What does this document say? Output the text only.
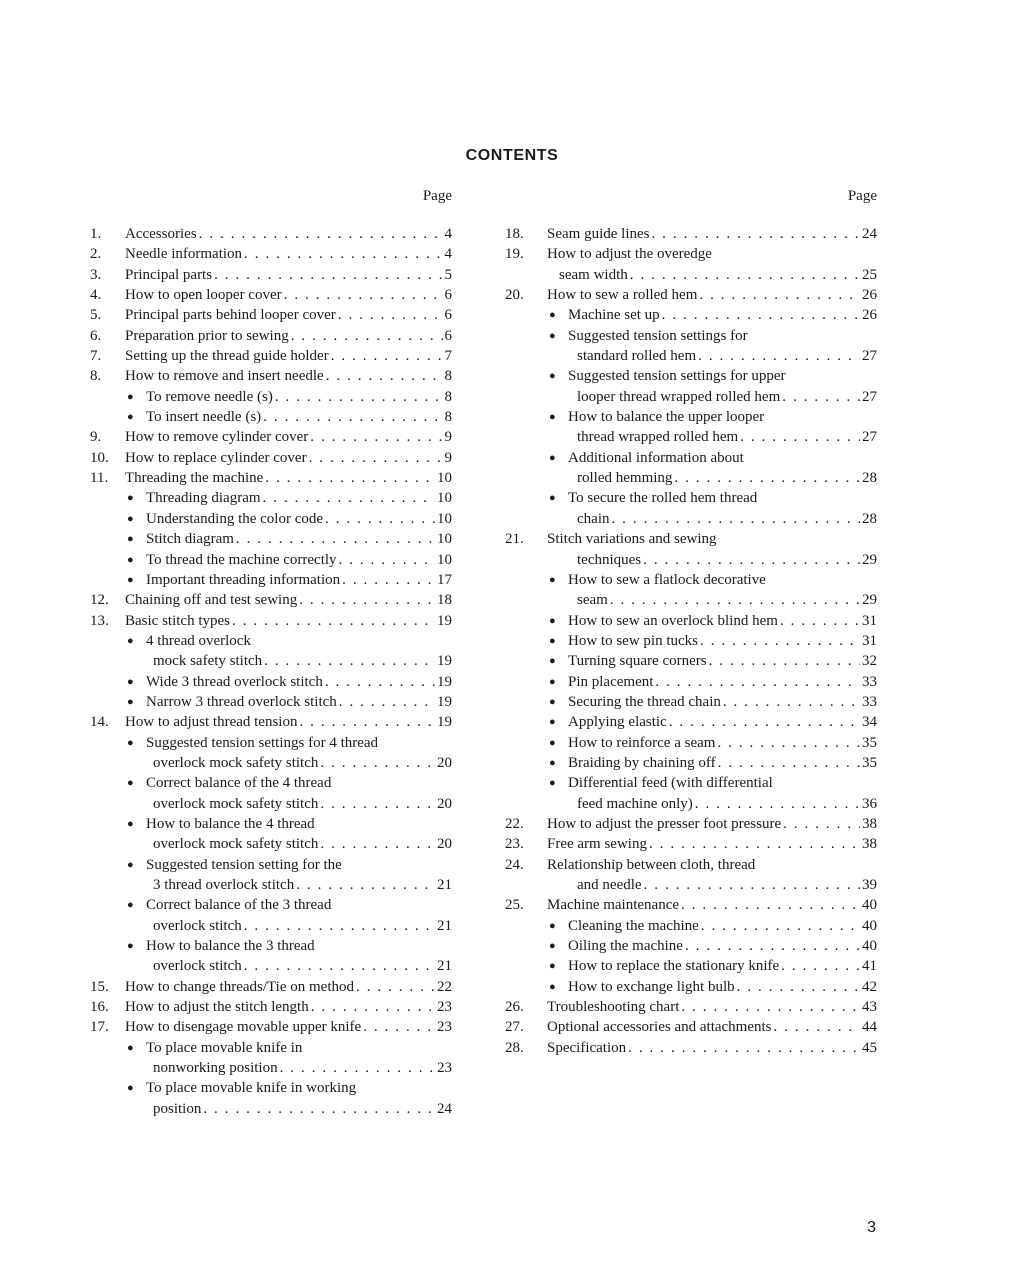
CONTENTS
Page
1. Accessories . . .	4
2. Needle information . . .	4
3. Principal parts . . .	5
4. How to open looper cover . . .	6
5. Principal parts behind looper cover . . .	6
6. Preparation prior to sewing . . .	6
7. Setting up the thread guide holder . . .	7
8. How to remove and insert needle . . .	8
● To remove needle (s) . . .	8
● To insert needle (s) . . .	8
9. How to remove cylinder cover . . .	9
10. How to replace cylinder cover . . .	9
11. Threading the machine . . .	10
● Threading diagram . . .	10
● Understanding the color code . . .	10
● Stitch diagram . . .	10
● To thread the machine correctly . . .	10
● Important threading information . . .	17
12. Chaining off and test sewing . . .	18
13. Basic stitch types . . .	19
● 4 thread overlock
mock safety stitch . . .	19
● Wide 3 thread overlock stitch . . .	19
● Narrow 3 thread overlock stitch . . .	19
14. How to adjust thread tension . . .	19
● Suggested tension settings for 4 thread
overlock mock safety stitch . . .	20
● Correct balance of the 4 thread
overlock mock safety stitch . . .	20
● How to balance the 4 thread
overlock mock safety stitch . . .	20
● Suggested tension setting for the
3 thread overlock stitch . . .	21
● Correct balance of the 3 thread
overlock stitch . . .	21
● How to balance the 3 thread
overlock stitch . . .	21
15. How to change threads/Tie on method . . .	22
16. How to adjust the stitch length . . .	23
17. How to disengage movable upper knife . . .	23
● To place movable knife in
nonworking position . . .	23
● To place movable knife in working
position . . .	24
Page
18. Seam guide lines . . .	24
19. How to adjust the overedge
seam width . . .	25
20. How to sew a rolled hem . . .	26
● Machine set up . . .	26
● Suggested tension settings for
standard rolled hem . . .	27
● Suggested tension settings for upper
looper thread wrapped rolled hem . . .	27
● How to balance the upper looper
thread wrapped rolled hem . . .	27
● Additional information about
rolled hemming . . .	28
● To secure the rolled hem thread
chain . . .	28
21. Stitch variations and sewing
techniques . . .	29
● How to sew a flatlock decorative
seam . . .	29
● How to sew an overlock blind hem . . .	31
● How to sew pin tucks . . .	31
● Turning square corners . . .	32
● Pin placement . . .	33
● Securing the thread chain . . .	33
● Applying elastic . . .	34
● How to reinforce a seam . . .	35
● Braiding by chaining off . . .	35
● Differential feed (with differential
feed machine only) . . .	36
22. How to adjust the presser foot pressure . . .	38
23. Free arm sewing . . .	38
24. Relationship between cloth, thread
and needle . . .	39
25. Machine maintenance . . .	40
● Cleaning the machine . . .	40
● Oiling the machine . . .	40
● How to replace the stationary knife . . .	41
● How to exchange light bulb . . .	42
26. Troubleshooting chart . . .	43
27. Optional accessories and attachments . . .	44
28. Specification . . .	45
3
